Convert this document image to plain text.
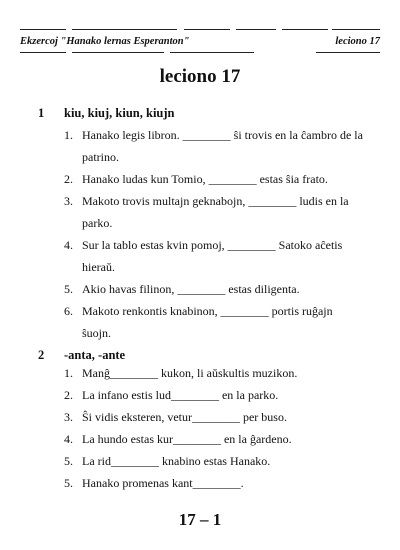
Ekzercoj "Hanako lernas Esperanton"	leciono 17
leciono 17
1 kiu, kiuj, kiun, kiujn
1. Hanako legis libron. ________ ŝi trovis en la ĉambro de la patrino.
2. Hanako ludas kun Tomio, ________ estas ŝia frato.
3. Makoto trovis multajn geknabojn, ________ ludis en la parko.
4. Sur la tablo estas kvin pomoj, ________ Satoko aĉetis hieraŭ.
5. Akio havas filinon, ________ estas diligenta.
6. Makoto renkontis knabinon, ________ portis ruĝajn ŝuojn.
2 -anta, -ante
1. Manĝ________ kukon, li aŭskultis muzikon.
2. La infano estis lud________ en la parko.
3. Ŝi vidis eksteren, vetur________ per buso.
4. La hundo estas kur________ en la ĝardeno.
5. La rid________ knabino estas Hanako.
5. Hanako promenas kant________.
17 – 1
